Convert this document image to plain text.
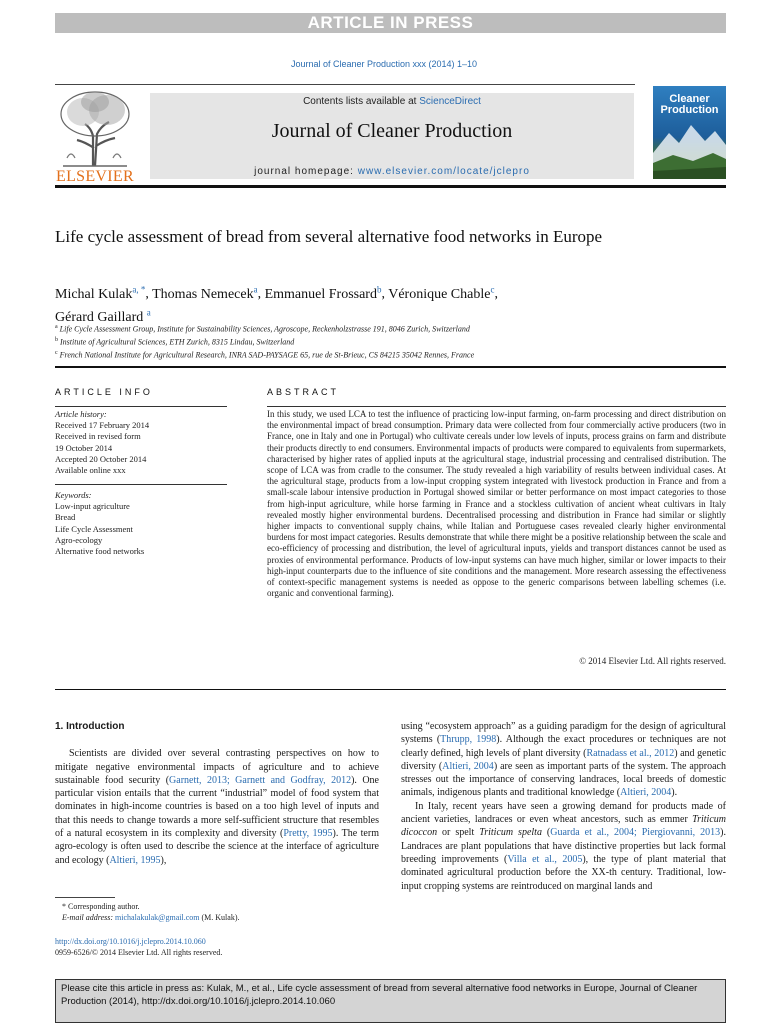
ARTICLE IN PRESS
Journal of Cleaner Production xxx (2014) 1–10
ELSEVIER
Contents lists available at ScienceDirect
Journal of Cleaner Production
journal homepage: www.elsevier.com/locate/jclepro
Cleaner
Production
Life cycle assessment of bread from several alternative food networks in Europe
Michal Kulak$^{a, *}$, Thomas Nemecek$^a$, Emmanuel Frossard$^b$, Véronique Chable$^c$,
Gérard Gaillard $^a$
$^a$ Life Cycle Assessment Group, Institute for Sustainability Sciences, Agroscope, Reckenholzstrasse 191, 8046 Zurich, Switzerland
$^b$ Institute of Agricultural Sciences, ETH Zurich, 8315 Lindau, Switzerland
$^c$ French National Institute for Agricultural Research, INRA SAD-PAYSAGE 65, rue de St-Brieuc, CS 84215 35042 Rennes, France
ARTICLE INFO	ABSTRACT
Article history:
Received 17 February 2014
Received in revised form
19 October 2014
Accepted 20 October 2014
Available online xxx
Keywords:
Low-input agriculture
Bread
Life Cycle Assessment
Agro-ecology
Alternative food networks
In this study, we used LCA to test the influence of practicing low-input farming, on-farm processing and direct distribution on the environmental impact of bread consumption. Primary data were collected from four commercially active producers (two in France, one in Italy and one in Portugal) who cultivate cereals under low levels of inputs, process grains on farm and distribute their products directly to end consumers. Environmental impacts of products were compared to equivalents from supermarkets, characterised by higher rates of applied inputs at the agricultural stage, industrial processing and centralised distribution. The scope of LCA was from cradle to the consumer. The study revealed a high variability of results between individual cases. At the agricultural stage, products from a low-input cropping system integrated with livestock production in France and from a small-scale labour intensive production in Portugal showed similar or better performance on most impact categories to those from high-input agriculture, while horse farming in France and a stockless cultivation of ancient wheat cultivars in Italy revealed mostly higher environmental burdens. Decentralised processing and distribution in France had similar or slightly higher impacts to conventional supply chains, while Italian and Portuguese cases revealed clearly higher environmental burdens for most impact categories. Results demonstrate that while there might be a positive relationship between the scale and eco-efficiency of processing and distribution, the level of agricultural inputs, yields and transport distances cannot be used as proxies of environmental performance. Products of low-input systems can have much higher, similar or lower impacts to their high-input counterparts due to the influence of site conditions and the management. More research assessing the effectiveness of context-specific management systems is needed as oppose to the generic comparisons between labelling schemes (i.e. organic and conventional farming).
© 2014 Elsevier Ltd. All rights reserved.
1. Introduction

Scientists are divided over several contrasting perspectives on how to mitigate negative environmental impacts of agriculture and to achieve sustainable food security (Garnett, 2013; Garnett and Godfray, 2012). One particular vision entails that the current “industrial” model of food system that dominates in high-income countries is based on a too high level of inputs and that this needs to change towards a more self-sufficient structure that resembles of a natural ecosystem in its complexity and diversity (Pretty, 1995). The term agro-ecology is often used to describe the science at the interface of agriculture and ecology (Altieri, 1995),

using “ecosystem approach” as a guiding paradigm for the design of agricultural systems (Thrupp, 1998). Although the exact procedures or techniques are not clearly defined, high levels of plant diversity (Ratnadass et al., 2012) and genetic diversity (Altieri, 2004) are seen as important parts of the system. The approach stresses out the importance of conserving landraces, local breeds of domestic animals, indigenous plants and traditional knowledge (Altieri, 2004).

In Italy, recent years have seen a growing demand for products made of ancient varieties, landraces or even wheat ancestors, such as emmer Triticum dicoccon or spelt Triticum spelta (Guarda et al., 2004; Piergiovanni, 2013). Landraces are plant populations that have distinctive properties but lack formal breeding improvements (Villa et al., 2005), the type of plant material that dominated agricultural production before the XX-th century. Traditional, low-input cropping systems are reintroduced on marginal lands and

* Corresponding author.
E-mail address: michalakulak@gmail.com (M. Kulak).
http://dx.doi.org/10.1016/j.jclepro.2014.10.060
0959-6526/© 2014 Elsevier Ltd. All rights reserved.
Please cite this article in press as: Kulak, M., et al., Life cycle assessment of bread from several alternative food networks in Europe, Journal of Cleaner Production (2014), http://dx.doi.org/10.1016/j.jclepro.2014.10.060
